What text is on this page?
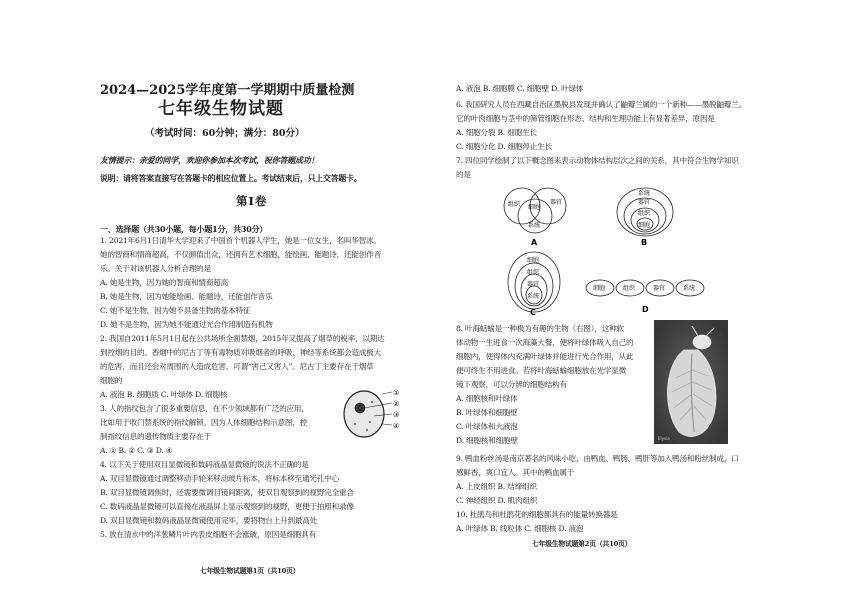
2024—2025学年度第一学期期中质量检测
七年级生物试题
（考试时间：60分钟；满分：80分）
友情提示：亲爱的同学，欢迎你参加本次考试，祝你答题成功！
说明：请将答案直接写在答题卡的相应位置上。考试结束后，只上交答题卡。
第Ⅰ卷
一、选择题（共30小题，每小题1分，共30分）
1. 2021年6月1日清华大学迎来了中国首个机器人学生，她是一位女生，名叫华智冰。
她的智商和情商超高，不仅颜值出众，还拥有艺术细胞，能绘画、能题诗，还能创作音
乐。关于对该机器人分析合理的是
A. 她是生物，因为她的智商和情商超高
B. 她是生物，因为她能绘画、能题诗，还能创作音乐
C. 她不是生物，因为她不具备生物的基本特征
D. 她不是生物，因为她不能通过光合作用制造有机物
2. 我国自2011年5月1日起在公共场所全面禁烟，2015年又提高了烟草的税率，以期达
到控烟的目的。香烟中的尼古丁等有毒物质对吸烟者的呼吸、神经等系统都会造成极大
的危害，而且还会对周围的人造成危害，可谓“害己又害人”。尼古丁主要存在于烟草
细胞的
A. 液泡 B. 细胞质 C. 叶绿体 D. 细胞核
3. 人的指纹包含了很多重要信息，在不少领域都有广泛的应用，
比如用于收门禁系统的指纹解锁。因为人体细胞结构示意图，控
制指纹信息的遗传物质主要存在于
A. ① B. ② C. ③ D. ④
4. 以下关于使用双目显微镜和数码液晶显微镜的说法不正确的是
A. 双目显微镜通过调整移动手轮来移动玻片标本，将标本移至通光孔中心
B. 双目显微镜调焦时，还需要微调目镜间距离，使双目观察到的视野完全重合
C. 数码液晶显微镜可以直接在液晶屏上显示观察到的视野，更便于拍照和录像
D. 双目显微镜和数码液晶显微镜使用完毕，要将物台上升到最高处
5. 放在清水中的洋葱鳞片叶内表皮细胞不会涨破，原因是细胞具有
①
②
③
④
七年级生物试题第1页（共10页）
A. 液泡 B. 细胞膜 C. 细胞壁 D. 叶绿体
6. 我国研究人员在西藏自治区墨脱县发现并确认了鼬瓣兰属的一个新种——墨脱鼬瓣兰。
它的叶肉细胞与茎中的筛管细胞在形态、结构和生理功能上有显著差异，原因是
A. 细胞分裂 B. 细胞生长
C. 细胞分化 D. 细胞停止生长
7. 四位同学绘制了以下概念图来表示动物体结构层次之间的关系，其中符合生物学知识
的是
组织 细胞
器官
系统
A
系统
器官
组织
细胞
B
细胞
组织
器官
系统
C
细胞	组织	器官	系统
D
8. 叶海蛞蝓是一种极为有趣的生物（右图），这种软
体动物一生进食一次海藻大餐，便将叶绿体吸入自己的
细胞内，使得体内充满叶绿体并能进行光合作用，从此
便可终生不用进食。若将叶海蛞蝓细胞放在光学显微
镜下观察，可以分辨的细胞结构有
A. 细胞核和叶绿体
B. 叶绿体和细胞壁
C. 叶绿体和大液泡
D. 细胞核和细胞壁	Elysia
9. 鸭血粉丝汤是南京著名的风味小吃，由鸭血、鸭肠、鸭肝等加入鸭汤和粉丝制成，口
感鲜香，爽口宜人。其中的鸭血属于
A. 上皮组织 B. 结缔组织
C. 神经组织 D. 肌肉组织
10. 杜鹃鸟和杜鹃花的细胞都具有的能量转换器是
A. 叶绿体 B. 线粒体 C. 细胞核 D. 液泡
七年级生物试题第2页（共10页）
